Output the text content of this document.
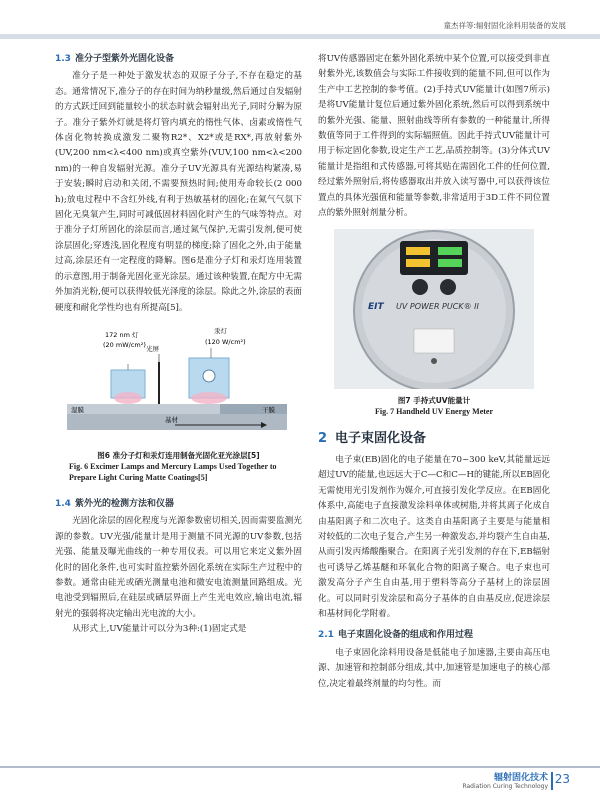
童杰祥等:辐射固化涂料用装备的发展
1.3 准分子型紫外光固化设备

准分子是一种处于激发状态的双原子分子,不存在稳定的基态。通常情况下,准分子的存在时间为纳秒量级,然后通过自发辐射的方式跃迁回到能量较小的状态时就会辐射出光子,同时分解为原子。准分子紫外灯就是将灯管内填充的惰性气体、卤素或惰性气体卤化物转换成激发二聚物R2*、X2*或是RX*,再放射紫外(UV,200 nm<λ<400 nm)或真空紫外(VUV,100 nm<λ<200 nm)的一种自发辐射光源。准分子UV光源具有光源结构紧凑,易于安装;瞬时启动和关闭,不需要预热时间;使用寿命较长(2 000 h);放电过程中不含红外线,有利于热敏基材的固化;在氮气气氛下固化无臭氧产生,同时可减低固材料固化时产生的气味等特点。对于准分子灯所固化的涂层而言,通过氮气保护,无需引发剂,便可使涂层固化;穿透浅,固化程度有明显的梯度;除了固化之外,由于能量过高,涂层还有一定程度的降解。图6是准分子灯和汞灯连用装置的示意图,用于制备光固化亚光涂层。通过该种装置,在配方中无需外加消光粉,便可以获得较低光泽度的涂层。除此之外,涂层的表面硬度和耐化学性均也有所提高[5]。

172 nm 灯
(20 mW/cm²)
汞灯
(120 W/cm²)
光屏
湿膜	干膜
基材
图6 准分子灯和汞灯连用制备光固化亚光涂层[5]
Fig. 6 Excimer Lamps and Mercury Lamps Used Together to Prepare Light Curing Matte Coatings[5]
1.4 紫外光的检测方法和仪器

光固化涂层的固化程度与光源参数密切相关,因而需要监测光源的参数。UV光强/能量计是用于测量不同光源的UV参数,包括光强、能量及曝光曲线的一种专用仪表。可以用它来定义紫外固化时的固化条件,也可实时监控紫外固化系统在实际生产过程中的参数。通常由硅光或硒光测量电池和微安电流测量回路组成。光电池受到辐照后,在硅层或硒层界面上产生光电效应,输出电流,辐射光的强弱将决定输出光电流的大小。

从形式上,UV能量计可以分为3种:(1)固定式是

将UV传感器固定在紫外固化系统中某个位置,可以接受到非直射紫外光,该数值会与实际工件接收到的能量不同,但可以作为生产中工艺控制的参考值。(2)手持式UV能量计(如图7所示)是将UV能量计复位后通过紫外固化系统,然后可以得到系统中的紫外光强、能量、照射曲线等所有参数的一种能量计,所得数值等同于工件得到的实际辐照值。因此手持式UV能量计可用于标定固化参数,设定生产工艺,品质控制等。(3)分体式UV能量计是指组和式传感器,可将其贴在需固化工件的任何位置,经过紫外照射后,将传感器取出并放入读写器中,可以获得该位置点的具体光强值和能量等参数,非常适用于3D工件不同位置点的紫外照射剂量分析。

EIT UV POWER PUCK® II
图7 手持式UV能量计
Fig. 7 Handheld UV Energy Meter
2 电子束固化设备

电子束(EB)固化的电子能量在70~300 keV,其能量远远超过UV的能量,也远远大于C—C和C—H的键能,所以EB固化无需使用光引发剂作为媒介,可直接引发化学反应。在EB固化体系中,高能电子直接激发涂料单体或树脂,并将其离子化成自由基阳离子和二次电子。这类自由基阳离子主要是与能量相对较低的二次电子复合,产生另一种激发态,并均裂产生自由基,从而引发丙烯酸酯聚合。在阳离子光引发剂的存在下,EB辐射也可诱导乙烯基醚和环氧化合物的阳离子聚合。电子束也可激发高分子产生自由基,用于塑料等高分子基材上的涂层固化。可以同时引发涂层和高分子基体的自由基反应,促进涂层和基材间化学附着。

2.1 电子束固化设备的组成和作用过程

电子束固化涂料用设备是低能电子加速器,主要由高压电源、加速管和控制部分组成,其中,加速管是加速电子的核心部位,决定着最终剂量的均匀性。而

辐射固化技术
Radiation Curing Technology
23
